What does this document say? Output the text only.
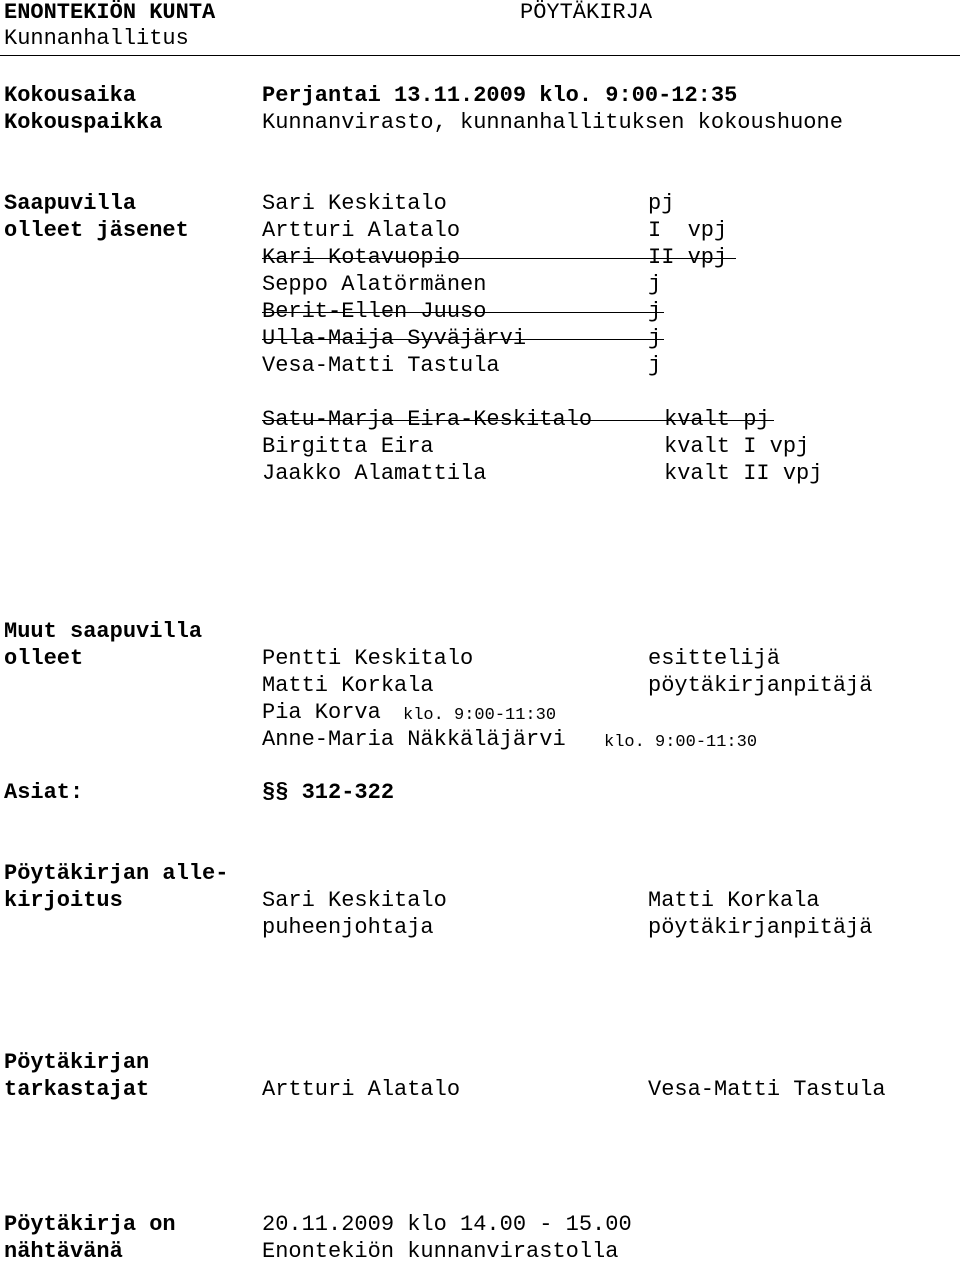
ENONTEKIÖN KUNTA	PÖYTÄKIRJA
Kunnanhallitus
Kokousaika	Perjantai 13.11.2009 klo. 9:00-12:35
Kokouspaikka	Kunnanvirasto, kunnanhallituksen kokoushuone
Saapuvilla
olleet jäsenet
Sari Keskitalo	pj
Artturi Alatalo	I  vpj
Kari Kotavuopio	II vpj
Seppo Alatörmänen	j
Berit-Ellen Juuso	j
Ulla-Maija Syväjärvi	j
Vesa-Matti Tastula	j
Satu-Marja Eira-Keskitalo	kvalt pj
Birgitta Eira	kvalt I vpj
Jaakko Alamattila	kvalt II vpj
Muut saapuvilla
olleet	Pentti Keskitalo	esittelijä
Matti Korkala	pöytäkirjanpitäjä
Pia Korva klo. 9:00-11:30
Anne-Maria Näkkäläjärvi klo. 9:00-11:30
Asiat:	§§ 312-322
Pöytäkirjan alle-
kirjoitus	Sari Keskitalo	Matti Korkala
puheenjohtaja	pöytäkirjanpitäjä
Pöytäkirjan
tarkastajat	Artturi Alatalo	Vesa-Matti Tastula
Pöytäkirja on
nähtävänä
20.11.2009 klo 14.00 - 15.00
Enontekiön kunnanvirastolla
